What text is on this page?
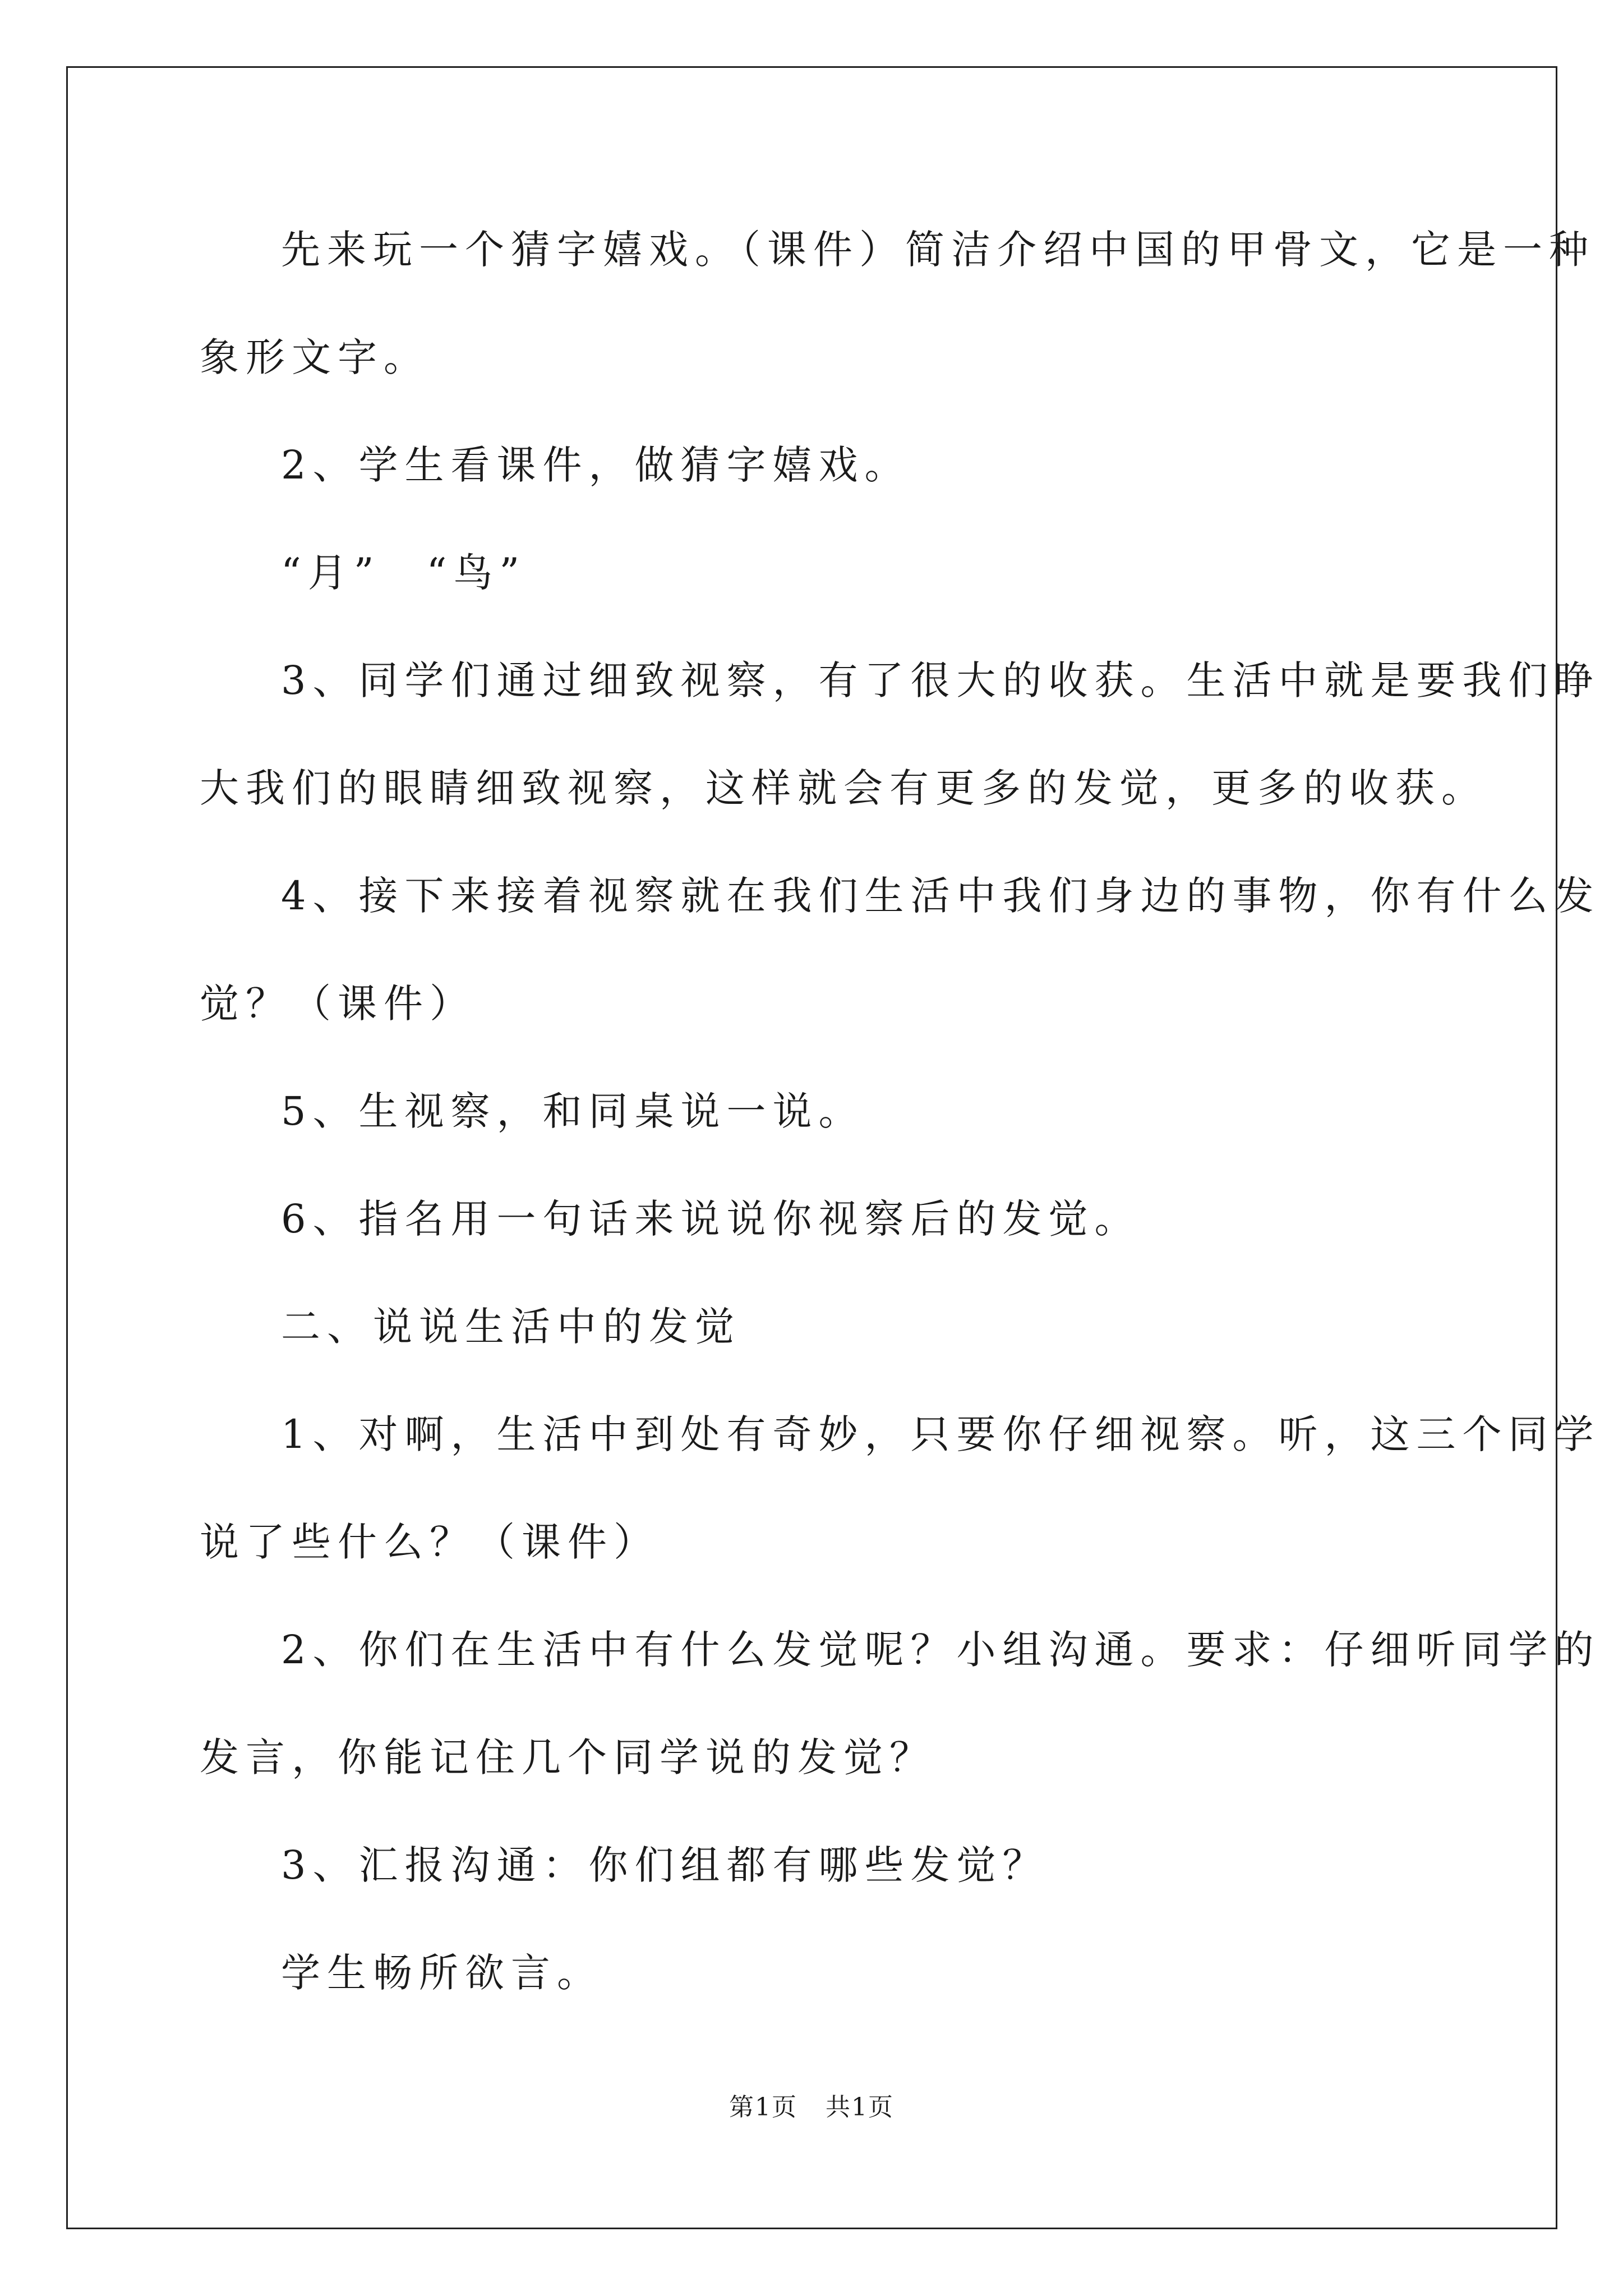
先来玩一个猜字嬉戏。（课件）简洁介绍中国的甲骨文，它是一种
象形文字。
2、学生看课件，做猜字嬉戏。
“月”　“鸟”
3、同学们通过细致视察，有了很大的收获。生活中就是要我们睁
大我们的眼睛细致视察，这样就会有更多的发觉，更多的收获。
4、接下来接着视察就在我们生活中我们身边的事物，你有什么发
觉？（课件）
5、生视察，和同桌说一说。
6、指名用一句话来说说你视察后的发觉。
二、说说生活中的发觉
1、对啊，生活中到处有奇妙，只要你仔细视察。听，这三个同学
说了些什么？（课件）
2、你们在生活中有什么发觉呢？小组沟通。要求：仔细听同学的
发言，你能记住几个同学说的发觉？
3、汇报沟通：你们组都有哪些发觉？
学生畅所欲言。
第1页 共1页
